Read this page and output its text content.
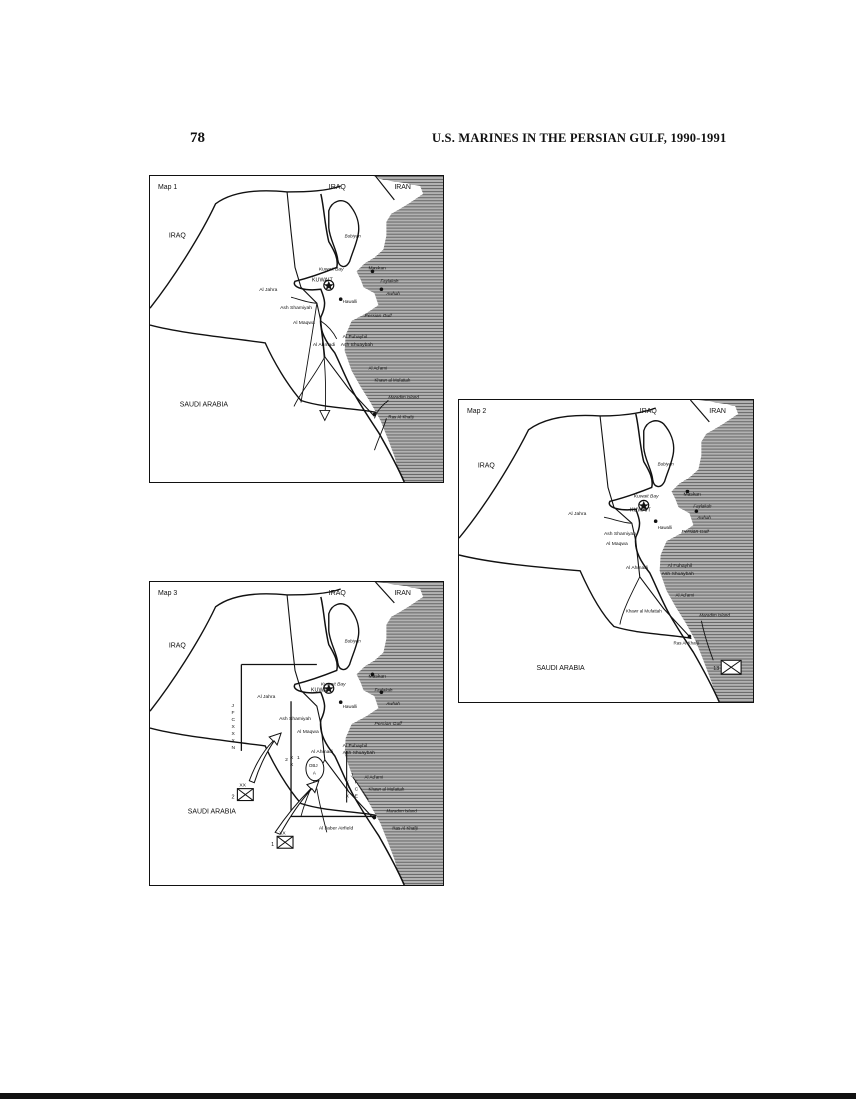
78	U.S. MARINES IN THE PERSIAN GULF, 1990-1991
Map 1	IRAQ	IRAN
IRAQ
SAUDI ARABIA
KUWAIT
Bubiyan
Kuwait Bay	Maskan
Faylakah
Awhah
Al Jahra
Hawalli
Ash Shamiyah
Persian Gulf
Al Maqwa
Al Fuhayhil
Al Ahmadi Ash Shuaybah
Al Ad'ami
Khawr al Mufattah
Maradim Island
Ras Al Khafji
Map 2	IRAQ	IRAN
IRAQ
SAUDI ARABIA
KUWAIT
Bubiyan
Kuwait Bay	Maskan
Faylakah
Awhah
Al Jahra
Hawalli
Ash Shamiyah	Persian Gulf
Al Maqwa
Al Fuhayhil
Al Ahmadi
Ash Shuaybah
Al Ad'ami
Khawr al Mufattah
Maradim Island
Ras Al Khafji
13
OBJ
A
XX
XX
Map 3	IRAQ	IRAN
IRAQ
SAUDI ARABIA
KUWAIT
Bubiyan
Kuwait Bay
Maskan
Faylakah
Awhah
Al Jahra
Hawalli
Ash Shamiyah
Persian Gulf
Al Maqwa
Al Fuhayhil
Al Ahmadi Ash Shuaybah
Al Ad'ami
Khawr al Mufattah
Maradim Island
Ras Al Khafji
Al Jaber Airfield
J
F
C
X
X
X
N
J
X F
X C
X E
2 X
X
1
2
1
